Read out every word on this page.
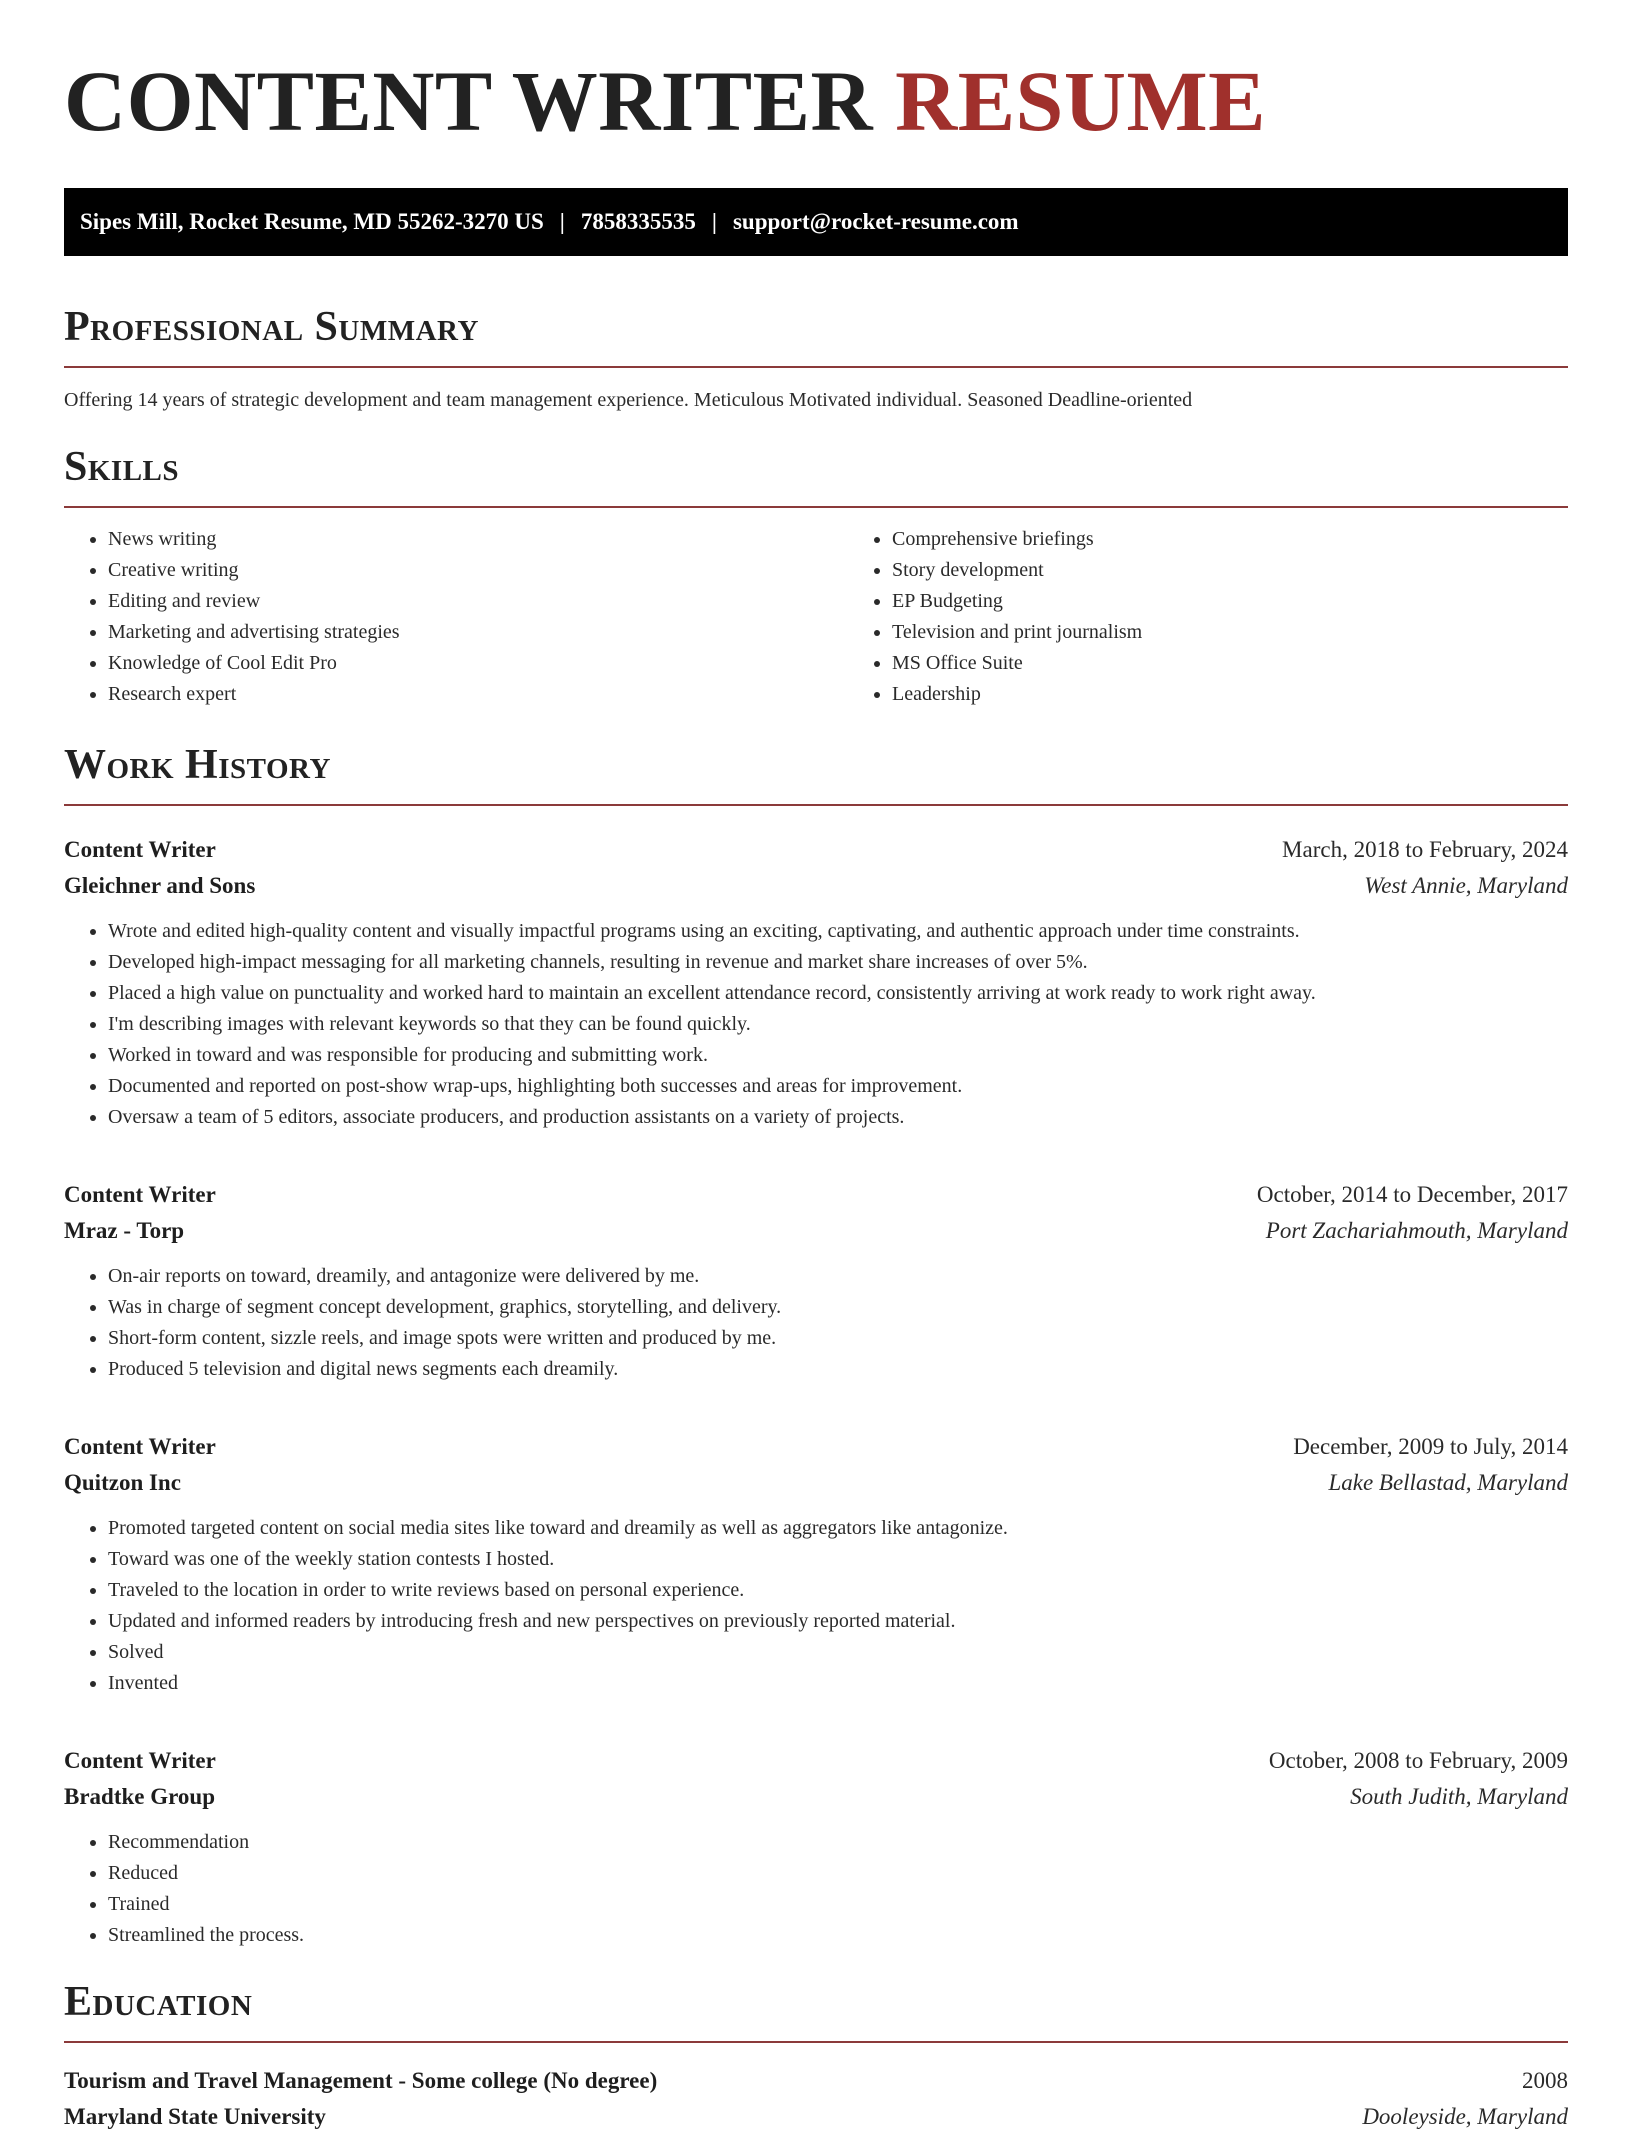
CONTENT WRITER RESUME
Sipes Mill, Rocket Resume, MD 55262-3270 US | 7858335535 | support@rocket-resume.com
Professional Summary

Offering 14 years of strategic development and team management experience. Meticulous Motivated individual. Seasoned Deadline-oriented

Skills
• News writing
• Creative writing
• Editing and review
• Marketing and advertising strategies
• Knowledge of Cool Edit Pro
• Research expert
• Comprehensive briefings
• Story development
• EP Budgeting
• Television and print journalism
• MS Office Suite
• Leadership
Work History
Content Writer	March, 2018 to February, 2024
Gleichner and Sons	West Annie, Maryland
• Wrote and edited high-quality content and visually impactful programs using an exciting, captivating, and authentic approach under time constraints.
• Developed high-impact messaging for all marketing channels, resulting in revenue and market share increases of over 5%.
• Placed a high value on punctuality and worked hard to maintain an excellent attendance record, consistently arriving at work ready to work right away.
• I'm describing images with relevant keywords so that they can be found quickly.
• Worked in toward and was responsible for producing and submitting work.
• Documented and reported on post-show wrap-ups, highlighting both successes and areas for improvement.
• Oversaw a team of 5 editors, associate producers, and production assistants on a variety of projects.
Content Writer	October, 2014 to December, 2017
Mraz - Torp	Port Zachariahmouth, Maryland
• On-air reports on toward, dreamily, and antagonize were delivered by me.
• Was in charge of segment concept development, graphics, storytelling, and delivery.
• Short-form content, sizzle reels, and image spots were written and produced by me.
• Produced 5 television and digital news segments each dreamily.
Content Writer	December, 2009 to July, 2014
Quitzon Inc	Lake Bellastad, Maryland
• Promoted targeted content on social media sites like toward and dreamily as well as aggregators like antagonize.
• Toward was one of the weekly station contests I hosted.
• Traveled to the location in order to write reviews based on personal experience.
• Updated and informed readers by introducing fresh and new perspectives on previously reported material.
• Solved
• Invented
Content Writer	October, 2008 to February, 2009
Bradtke Group	South Judith, Maryland
• Recommendation
• Reduced
• Trained
• Streamlined the process.
Education
Tourism and Travel Management - Some college (No degree)	2008
Maryland State University	Dooleyside, Maryland
